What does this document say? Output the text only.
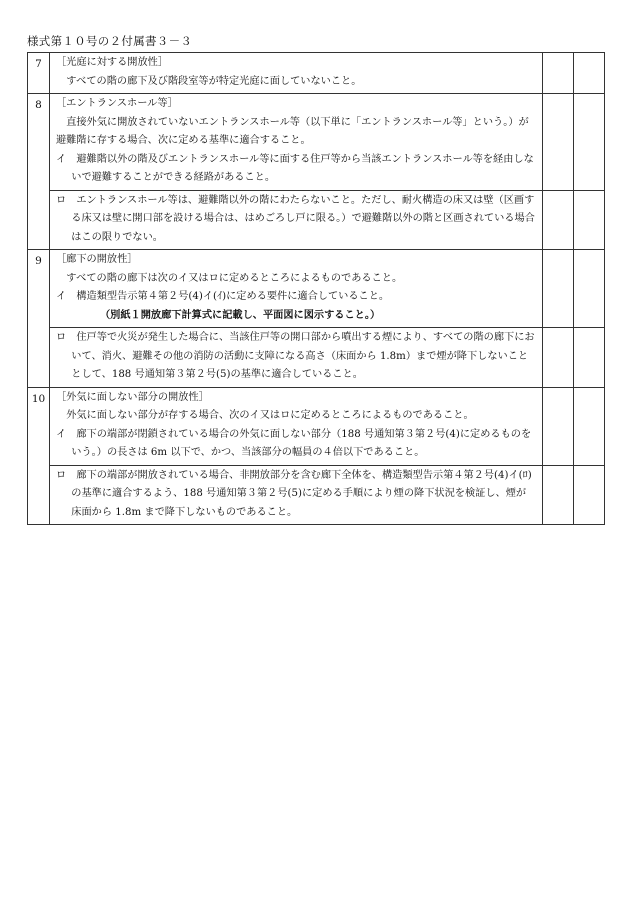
様式第１０号の２付属書３－３
7	［光庭に対する開放性］
すべての階の廊下及び階段室等が特定光庭に面していないこと。		

8	［エントランスホール等］
直接外気に開放されていないエントランスホール等（以下単に「エントランスホール等」という。）が避難階に存する場合、次に定める基準に適合すること。
イ　避難階以外の階及びエントランスホール等に面する住戸等から当該エントランスホール等を経由しないで避難することができる経路があること。		

	ロ　エントランスホール等は、避難階以外の階にわたらないこと。ただし、耐火構造の床又は壁（区画する床又は壁に開口部を設ける場合は、はめごろし戸に限る。）で避難階以外の階と区画されている場合はこの限りでない。		

9	［廊下の開放性］
すべての階の廊下は次のイ又はロに定めるところによるものであること。
イ　構造類型告示第４第２号(4)イ(ｲ)に定める要件に適合していること。
（別紙１開放廊下計算式に記載し、平面図に図示すること。）		

	ロ　住戸等で火災が発生した場合に、当該住戸等の開口部から噴出する煙により、すべての階の廊下において、消火、避難その他の消防の活動に支障になる高さ（床面から 1.8m）まで煙が降下しないこととして、188 号通知第３第２号(5)の基準に適合していること。		

10	［外気に面しない部分の開放性］
外気に面しない部分が存する場合、次のイ又はロに定めるところによるものであること。
イ　廊下の端部が閉鎖されている場合の外気に面しない部分（188 号通知第３第２号(4)に定めるものをいう。）の長さは 6m 以下で、かつ、当該部分の幅員の４倍以下であること。		

	ロ　廊下の端部が開放されている場合、非開放部分を含む廊下全体を、構造類型告示第４第２号(4)イ(ﾛ)の基準に適合するよう、188 号通知第３第２号(5)に定める手順により煙の降下状況を検証し、煙が床面から 1.8m まで降下しないものであること。		
